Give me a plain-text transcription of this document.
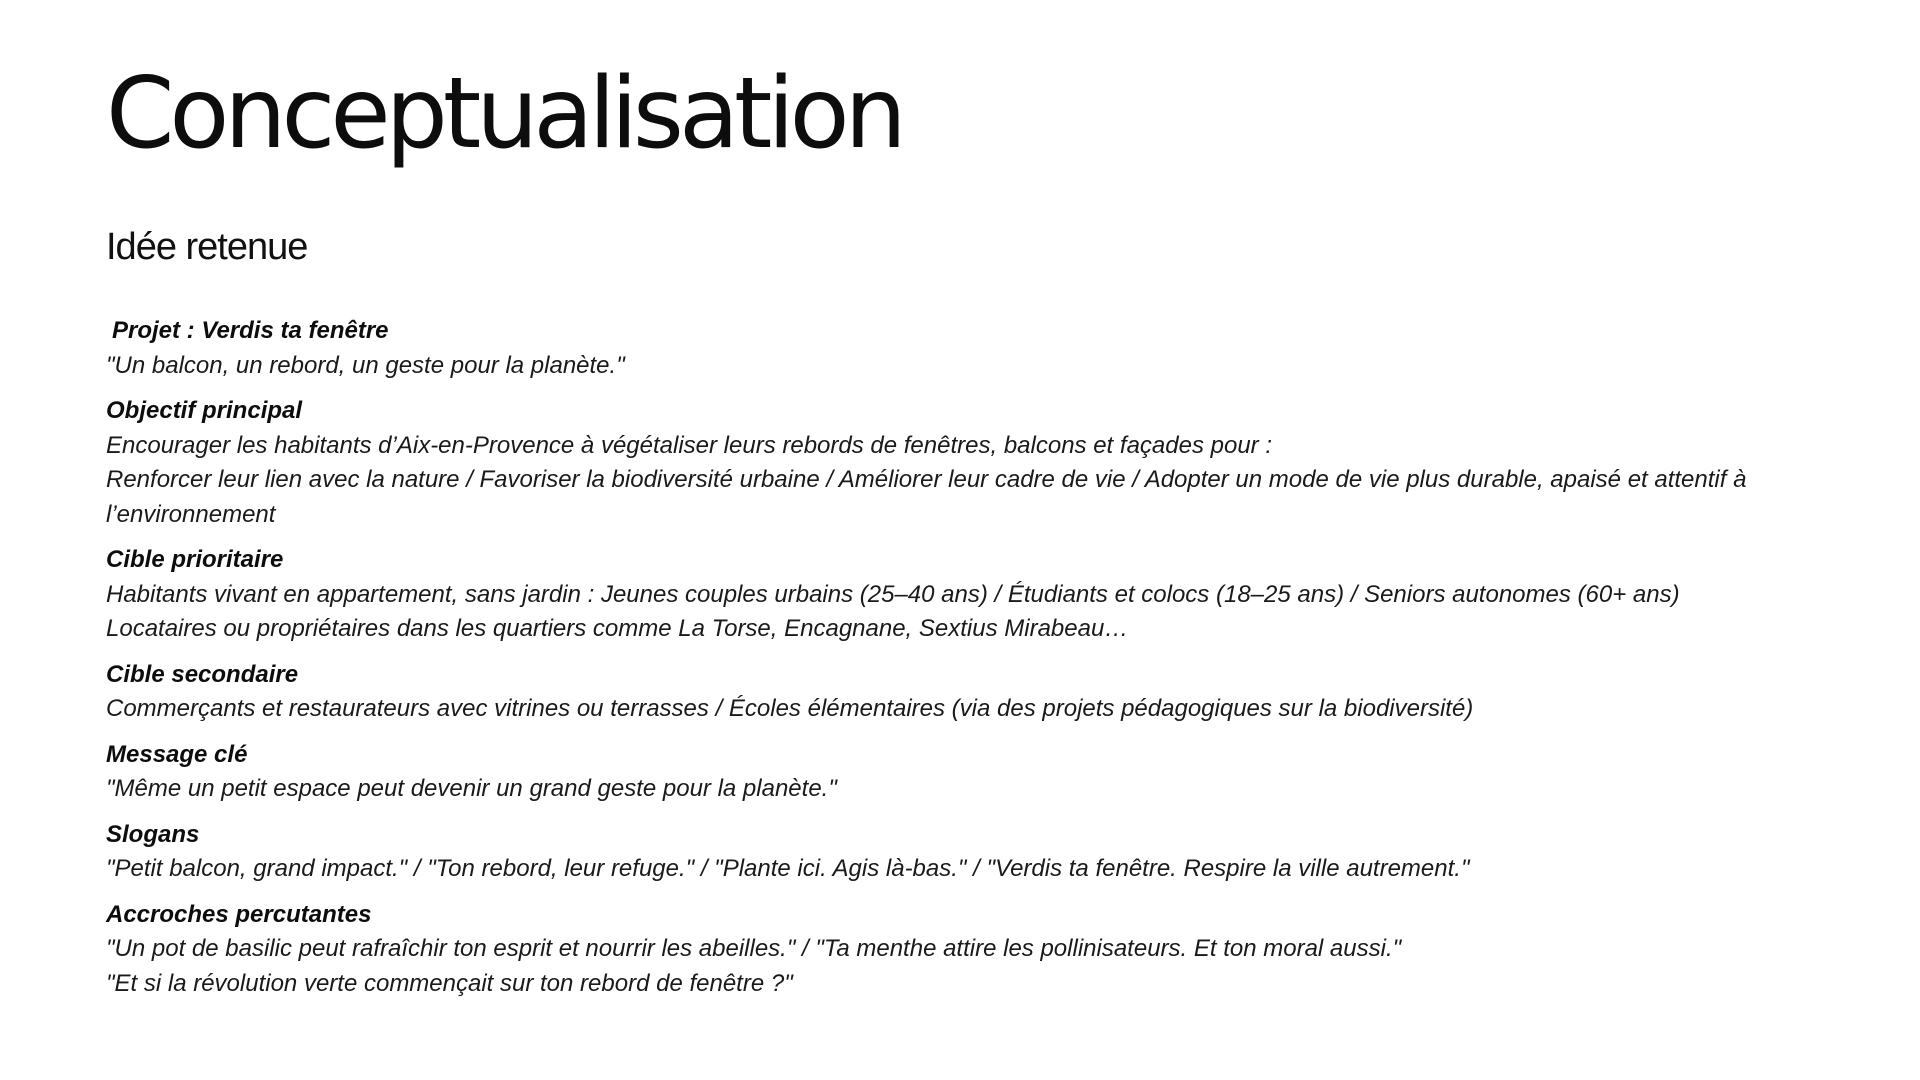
Conceptualisation
Idée retenue
Projet : Verdis ta fenêtre
"Un balcon, un rebord, un geste pour la planète."
Objectif principal
Encourager les habitants d’Aix-en-Provence à végétaliser leurs rebords de fenêtres, balcons et façades pour :
Renforcer leur lien avec la nature / Favoriser la biodiversité urbaine / Améliorer leur cadre de vie / Adopter un mode de vie plus durable, apaisé et attentif à l’environnement
Cible prioritaire
Habitants vivant en appartement, sans jardin : Jeunes couples urbains (25–40 ans) / Étudiants et colocs (18–25 ans) / Seniors autonomes (60+ ans)
Locataires ou propriétaires dans les quartiers comme La Torse, Encagnane, Sextius Mirabeau…
Cible secondaire
Commerçants et restaurateurs avec vitrines ou terrasses / Écoles élémentaires (via des projets pédagogiques sur la biodiversité)
Message clé
"Même un petit espace peut devenir un grand geste pour la planète."
Slogans
"Petit balcon, grand impact." / "Ton rebord, leur refuge." / "Plante ici. Agis là-bas." / "Verdis ta fenêtre. Respire la ville autrement."
Accroches percutantes
"Un pot de basilic peut rafraîchir ton esprit et nourrir les abeilles." / "Ta menthe attire les pollinisateurs. Et ton moral aussi."
"Et si la révolution verte commençait sur ton rebord de fenêtre ?"
